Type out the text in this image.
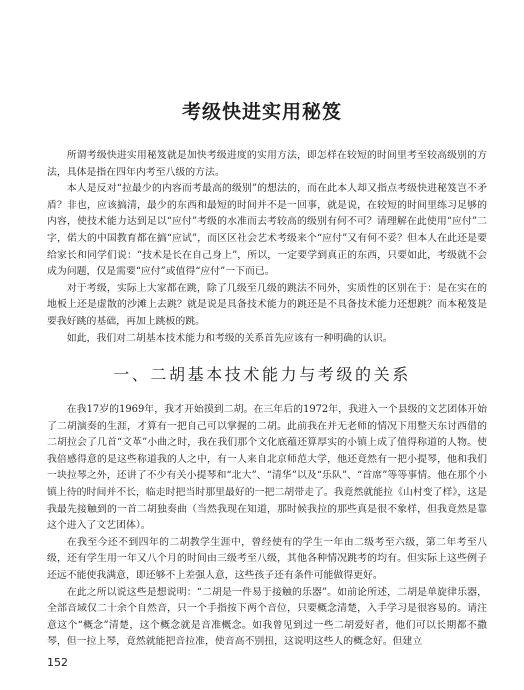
考级快进实用秘笈

所谓考级快进实用秘笈就是加快考级进度的实用方法，即怎样在较短的时间里考至较高级别的方法，具体是指在四年内考至八级的方法。

本人是反对“拉最少的内容而考最高的级别”的想法的，而在此本人却又指点考级快进秘笈岂不矛盾？非也，应该搞清，最少的东西和最短的时间并不是一回事，就是说，在较短的时间里练习足够的内容，使技术能力达到足以“应付”考级的水准而去考较高的级别有何不可？请理解在此使用“应付”二字，偌大的中国教育都在搞“应试”，而区区社会艺术考级来个“应付”又有何不妥？但本人在此还是要给家长和同学们说：“技术是长在自己身上”，所以，一定要学到真正的东西，只要如此，考级就不会成为问题，仅是需要“应付”或值得“应付”一下而已。

对于考级，实际上大家都在跳，除了几级至几级的跳法不同外，实质性的区别在于：是在实在的地板上还是虚散的沙滩上去跳？就是说是具备技术能力的跳还是不具备技术能力还想跳？而本秘笈是要我好跳的基础，再加上跳板的跳。

如此，我们对二胡基本技术能力和考级的关系首先应该有一种明确的认识。

一、二胡基本技术能力与考级的关系

在我17岁的1969年，我才开始摸到二胡。在三年后的1972年，我进入一个县级的文艺团体开始了二胡演奏的生涯，才算有一把自己可以掌握的二胡。此前我在并无老师的情况下用整天东讨西借的二胡拉会了几首“文革”小曲之时，我在我们那个文化底蕴还算厚实的小镇上成了值得称道的人物。使我倍感得意的是这些称道我的人之中，有一人来自北京师范大学，他还竟然有一把小提琴，他和我们一块拉琴之外，还讲了不少有关小提琴和“北大”、“清华”以及“乐队”、“首席”等等事情。他在那个小镇上待的时间并不长，临走时把当时那里最好的一把二胡带走了。我竟然就能拉《山村变了样》，这是我最先接触到的一首二胡独奏曲（当然我现在知道，那时候我拉的那些真是很不象样，但我竟然是靠这个进入了文艺团体）。

在我至今还不到四年的二胡教学生涯中，曾经使有的学生一年由二级考至六级，第二年考至八级，还有学生用一年又八个月的时间由三级考至八级，其他各种情况跳考的均有。但实际上这些例子还远不能使我满意，即还够不上差强人意，这些孩子还有条件可能做得更好。

在此之所以说这些是想说明：“二胡是一件易于接触的乐器”。如前论所述，二胡是单旋律乐器，全部音域仅二十余个自然音，只一个手指按下两个音位，只要概念清楚，入手学习是很容易的。请注意这个“概念”清楚，这个概念就是音准概念。如我曾见到过一些二胡爱好者，他们可以长期都不撒琴，但一拉上琴，竟然就能把音拉准，使音高不别扭，这说明这些人的概念好。但建立

152
